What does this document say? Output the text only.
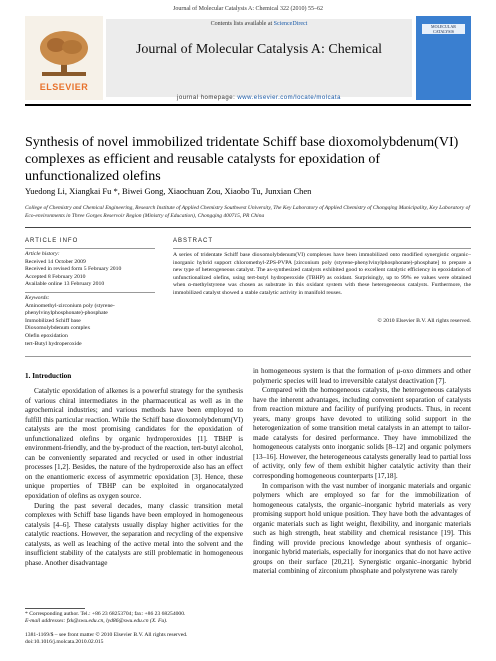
Journal of Molecular Catalysis A: Chemical 322 (2010) 55–62
ELSEVIER
Contents lists available at ScienceDirect
Journal of Molecular Catalysis A: Chemical
journal homepage: www.elsevier.com/locate/molcata
MOLECULAR CATALYSIS
Synthesis of novel immobilized tridentate Schiff base dioxomolybdenum(VI) complexes as efficient and reusable catalysts for epoxidation of unfunctionalized olefins
Yuedong Li, Xiangkai Fu *, Biwei Gong, Xiaochuan Zou, Xiaobo Tu, Junxian Chen
College of Chemistry and Chemical Engineering, Research Institute of Applied Chemistry Southwest University, The Key Laboratory of Applied Chemistry of Chongqing Municipality, Key Laboratory of Eco-environments in Three Gorges Reservoir Region (Ministry of Education), Chongqing 400715, PR China
ARTICLE INFO
Article history:
Received 14 October 2009
Received in revised form 5 February 2010
Accepted 8 February 2010
Available online 13 February 2010
Keywords:
Aminomethyl-zirconium poly (styrene-
phenylvinylphosphonate)-phosphate
Immobilized Schiff base
Dioxomolybdenum complex
Olefin epoxidation
tert-Butyl hydroperoxide
ABSTRACT
A series of tridentate Schiff base dioxomolybdenum(VI) complexes have been immobilized onto modified synergistic organic–inorganic hybrid support chloromethyl-ZPS-PVPA [zirconium poly (styrene-phenylvinylphosphonate)-phosphate] to prepare a new type of heterogeneous catalyst. The as-synthesized catalysts exhibited good to excellent catalytic efficiency in epoxidation of unfunctionalized olefins, using tert-butyl hydroperoxide (TBHP) as oxidant. Surprisingly, up to 99% ee values were obtained when α-methylstyrene was chosen as substrate in this oxidant system with these heterogeneous catalysts. Furthermore, the immobilized catalyst showed a stable catalytic activity in manifold reuses.
© 2010 Elsevier B.V. All rights reserved.
1. Introduction

Catalytic epoxidation of alkenes is a powerful strategy for the synthesis of various chiral intermediates in the pharmaceutical as well as in the agrochemical industries; and various methods have been employed to fulfill this particular reaction. While the Schiff base dioxomolybdenum(VI) catalysts are the most promising candidates for the epoxidation of unfunctionalized olefins by organic hydroperoxides [1]. TBHP is environment-friendly, and the by-product of the reaction, tert-butyl alcohol, can be conveniently separated and recycled or used in other industrial processes [1,2]. Besides, the nature of the hydroperoxide also has an effect on the enantiomeric excess of asymmetric epoxidation [3]. Hence, these unique properties of TBHP can be exploited in organocatalyzed epoxidation of olefins as oxygen source.

During the past several decades, many classic transition metal complexes with Schiff base ligands have been employed in homogeneous catalysis [4–6]. These catalysts usually display higher activities for the catalytic reactions. However, the separation and recycling of the expensive catalysts, as well as leaching of the active metal into the solvent and the insufficient stability of the catalysts are still problematic in homogeneous phase. Another disadvantage

in homogeneous system is that the formation of μ-oxo dimmers and other polymeric species will lead to irreversible catalyst deactivation [7].

Compared with the homogeneous catalysts, the heterogeneous catalysts have the inherent advantages, including convenient separation of catalysts from reaction mixture and facility of purifying products. Thus, in recent years, many groups have devoted to utilizing solid support in the heterogenization of some transition metal catalysts in an attempt to tailor-made catalysts for desired performance. They have immobilized the homogeneous catalysts onto inorganic solids [8–12] and organic polymers [13–16]. However, the heterogeneous catalysts generally lead to partial loss of activity, only few of them exhibit higher catalytic activity than their corresponding homogeneous counterparts [17,18].

In comparison with the vast number of inorganic materials and organic polymers which are employed so far for the immobilization of homogeneous catalysts, the organic–inorganic hybrid materials as very promising support hold unique position. They have both the advantages of organic materials such as light weight, flexibility, and inorganic materials such as high strength, heat stability and chemical resistance [19]. This finding will provide precious knowledge about synthesis of organic–inorganic hybrid materials, especially for inorganics that do not have active groups on their surface [20,21]. Synergistic organic–inorganic hybrid material combining of zirconium phosphate and polystyrene was rarely

* Corresponding author. Tel.: +86 23 68253704; fax: +86 23 68254000.
E-mail addresses: fxk@swu.edu.cn, lyd86@swu.edu.cn (X. Fu).
1381-1169/$ – see front matter © 2010 Elsevier B.V. All rights reserved.
doi:10.1016/j.molcata.2010.02.015
